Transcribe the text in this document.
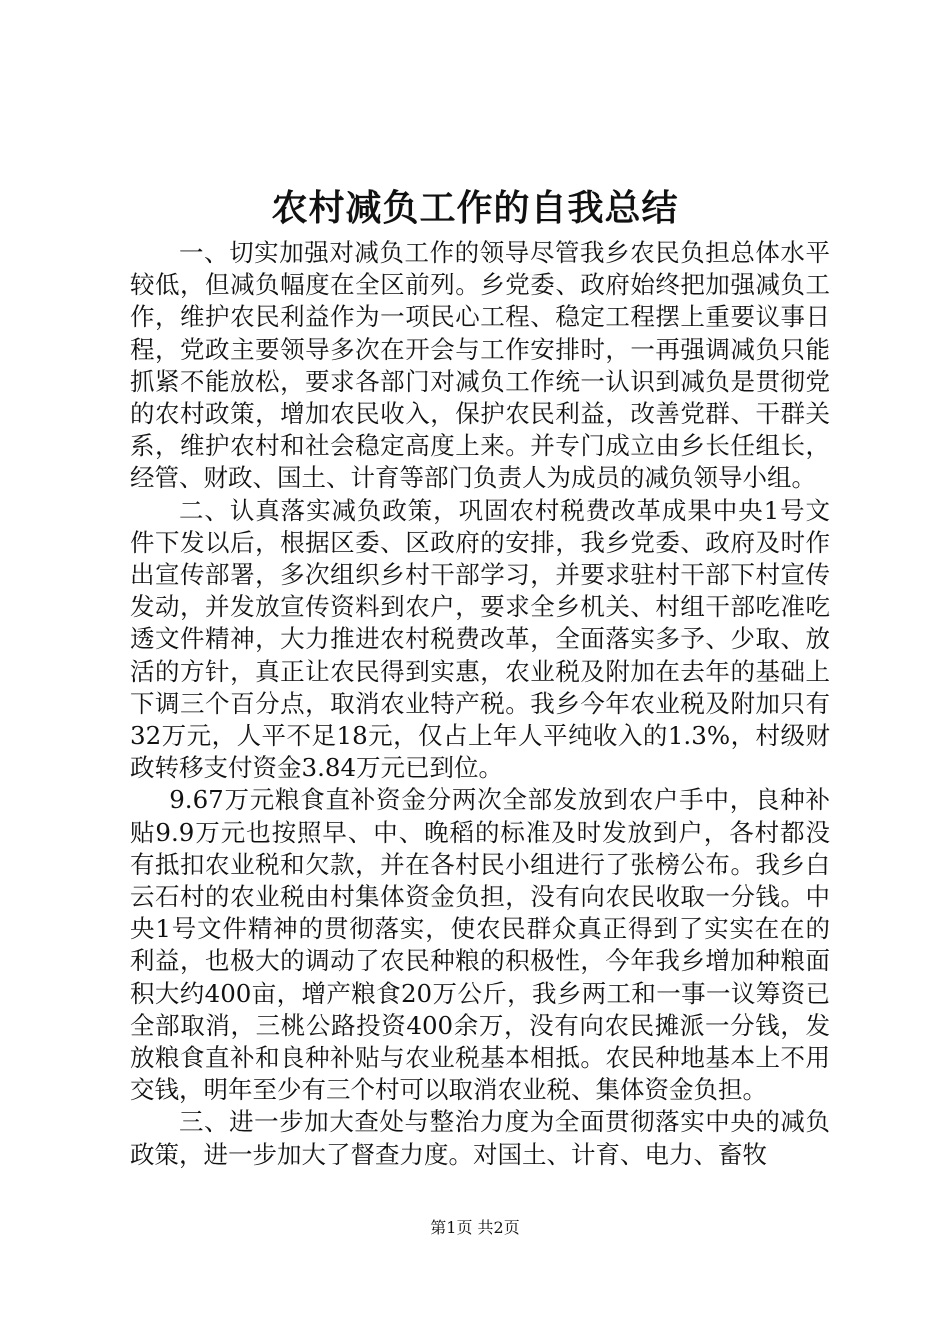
农村减负工作的自我总结

一、切实加强对减负工作的领导尽管我乡农民负担总体水平较低，但减负幅度在全区前列。乡党委、政府始终把加强减负工作，维护农民利益作为一项民心工程、稳定工程摆上重要议事日程，党政主要领导多次在开会与工作安排时，一再强调减负只能抓紧不能放松，要求各部门对减负工作统一认识到减负是贯彻党的农村政策，增加农民收入，保护农民利益，改善党群、干群关系，维护农村和社会稳定高度上来。并专门成立由乡长任组长，经管、财政、国土、计育等部门负责人为成员的减负领导小组。

二、认真落实减负政策，巩固农村税费改革成果中央1号文件下发以后，根据区委、区政府的安排，我乡党委、政府及时作出宣传部署，多次组织乡村干部学习，并要求驻村干部下村宣传发动，并发放宣传资料到农户，要求全乡机关、村组干部吃准吃透文件精神，大力推进农村税费改革，全面落实多予、少取、放活的方针，真正让农民得到实惠，农业税及附加在去年的基础上下调三个百分点，取消农业特产税。我乡今年农业税及附加只有32万元，人平不足18元，仅占上年人平纯收入的1.3%，村级财政转移支付资金3.84万元已到位。

9.67万元粮食直补资金分两次全部发放到农户手中，良种补贴9.9万元也按照早、中、晚稻的标准及时发放到户，各村都没有抵扣农业税和欠款，并在各村民小组进行了张榜公布。我乡白云石村的农业税由村集体资金负担，没有向农民收取一分钱。中央1号文件精神的贯彻落实，使农民群众真正得到了实实在在的利益，也极大的调动了农民种粮的积极性，今年我乡增加种粮面积大约400亩，增产粮食20万公斤，我乡两工和一事一议筹资已全部取消，三桃公路投资400余万，没有向农民摊派一分钱，发放粮食直补和良种补贴与农业税基本相抵。农民种地基本上不用交钱，明年至少有三个村可以取消农业税、集体资金负担。

三、进一步加大查处与整治力度为全面贯彻落实中央的减负政策，进一步加大了督查力度。对国土、计育、电力、畜牧

第1页 共2页
